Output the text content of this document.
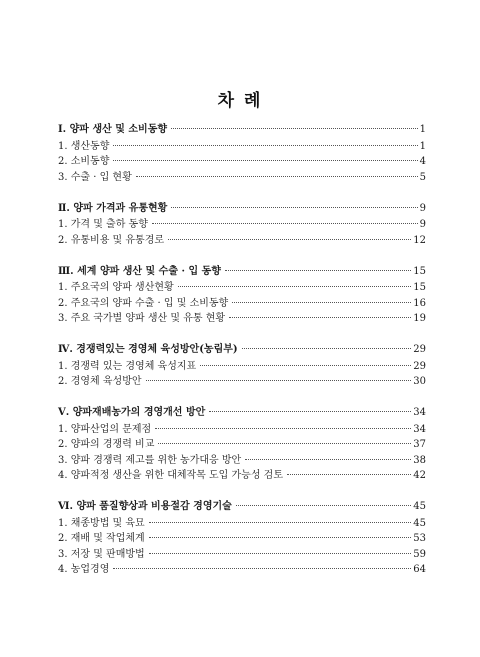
차 례
Ⅰ. 양파 생산 및 소비동향	1
1. 생산동향	1
2. 소비동향	4
3. 수출 · 입 현황	5
Ⅱ. 양파 가격과 유통현황	9
1. 가격 및 출하 동향	9
2. 유통비용 및 유통경로	12
Ⅲ. 세계 양파 생산 및 수출 · 입 동향	15
1. 주요국의 양파 생산현황	15
2. 주요국의 양파 수출 · 입 및 소비동향	16
3. 주요 국가별 양파 생산 및 유통 현황	19
Ⅳ. 경쟁력있는 경영체 육성방안(농림부)	29
1. 경쟁력 있는 경영체 육성지표	29
2. 경영체 육성방안	30
Ⅴ. 양파재배농가의 경영개선 방안	34
1. 양파산업의 문제점	34
2. 양파의 경쟁력 비교	37
3. 양파 경쟁력 제고를 위한 농가대응 방안	38
4. 양파적정 생산을 위한 대체작목 도입 가능성 검토	42
Ⅵ. 양파 품질향상과 비용절감 경영기술	45
1. 채종방법 및 육묘	45
2. 재배 및 작업체계	53
3. 저장 및 판매방법	59
4. 농업경영	64
